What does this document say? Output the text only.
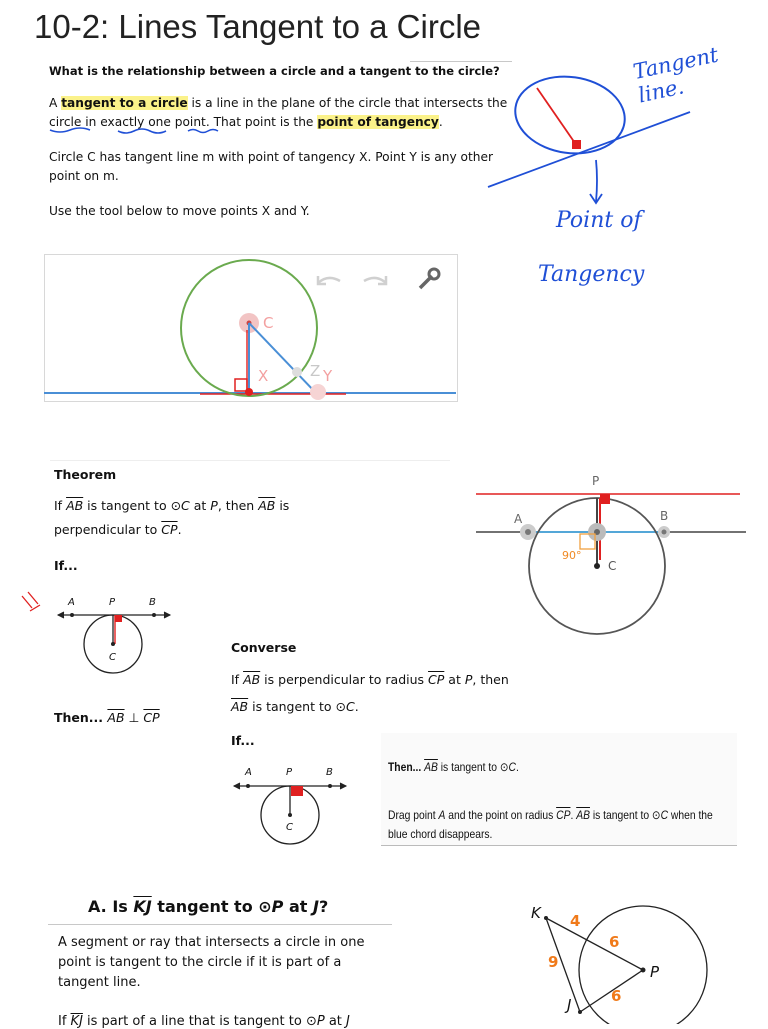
10-2: Lines Tangent to a Circle
What is the relationship between a circle and a tangent to the circle?
A tangent to a circle is a line in the plane of the circle that intersects the
circle in exactly one point. That point is the point of tangency.
Circle C has tangent line m with point of tangency X. Point Y is any other
point on m.
Use the tool below to move points X and Y.
C
X	Z Y
Tangent line.
Point of
Tangency
Theorem
If $\overline{AB}$ is tangent to ⊙C at P, then $\overline{AB}$ is
perpendicular to $\overline{CP}$.
If...
P
A	B
90°
C
A	P	B
C
Then... $\overline{AB}$ ⊥ $\overline{CP}$
Converse
If $\overline{AB}$ is perpendicular to radius $\overline{CP}$ at P, then
$\overline{AB}$ is tangent to ⊙C.
If...
A	P	B
C
Then... $\overline{AB}$ is tangent to ⊙C.
Drag point A and the point on radius $\overline{CP}$. $\overline{AB}$ is tangent to ⊙C when the
blue chord disappears.
A. Is $\overline{KJ}$ tangent to ⊙P at J?
A segment or ray that intersects a circle in one
point is tangent to the circle if it is part of a
tangent line.
If $\overline{KJ}$ is part of a line that is tangent to ⊙P at J
K
J
P
4
6
9
6
